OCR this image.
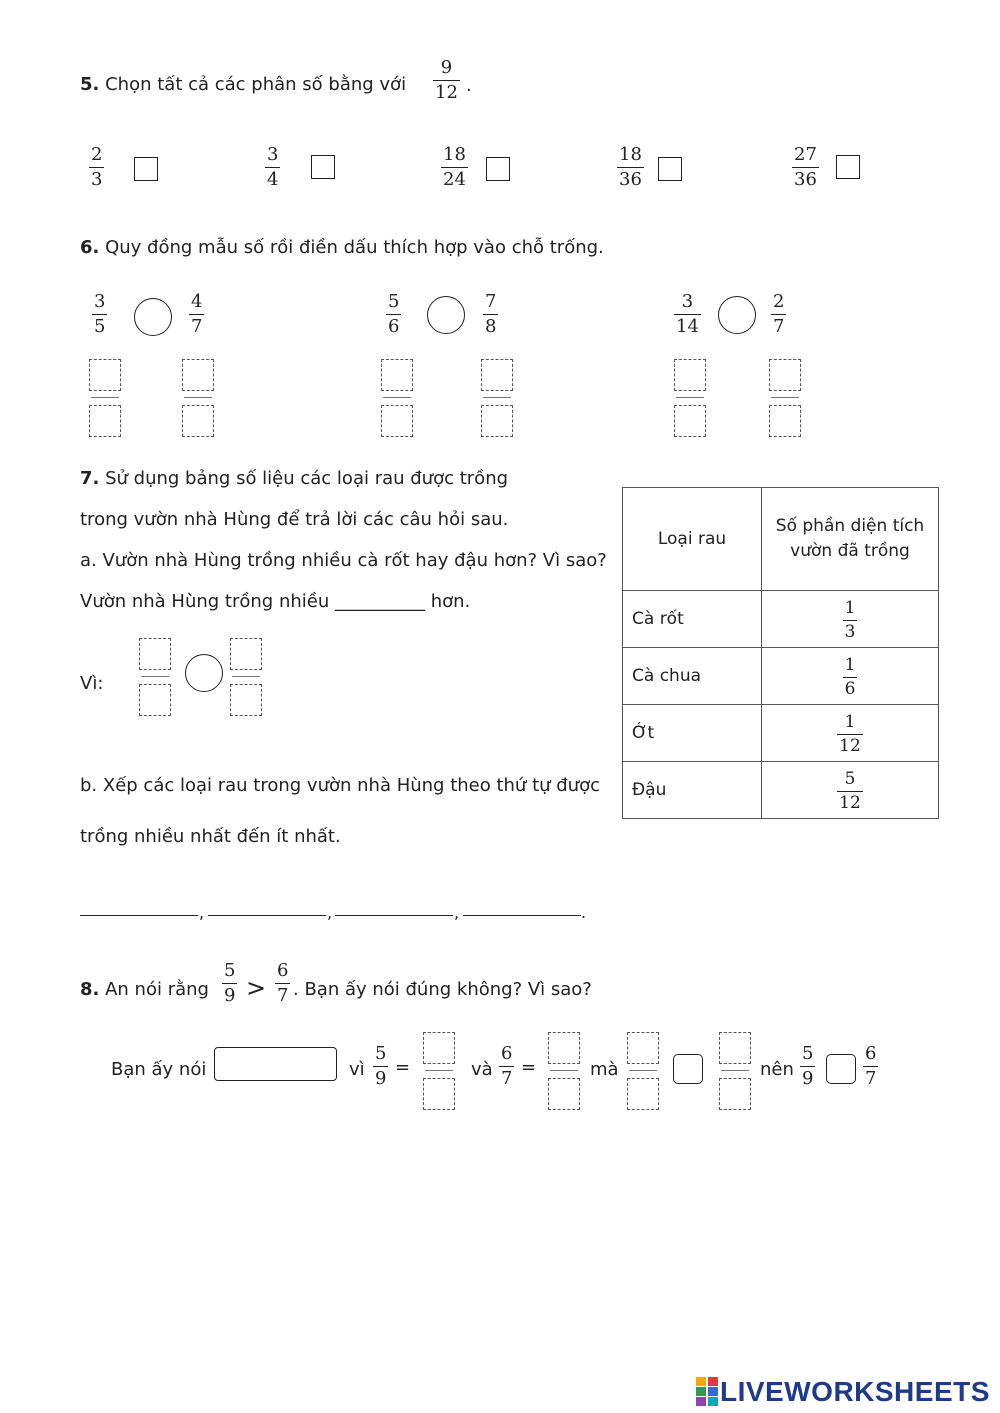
5. Chọn tất cả các phân số bằng với $\frac{9}{12}$ .
$\frac{2}{3}$	$\frac{3}{4}$	$\frac{18}{24}$	$\frac{18}{36}$	$\frac{27}{36}$
6. Quy đồng mẫu số rồi điền dấu thích hợp vào chỗ trống.
$\frac{3}{5}$	$\frac{4}{7}$	$\frac{5}{6}$	$\frac{7}{8}$	$\frac{3}{14}$	$\frac{2}{7}$
7. Sử dụng bảng số liệu các loại rau được trồng
trong vườn nhà Hùng để trả lời các câu hỏi sau.
a. Vườn nhà Hùng trồng nhiều cà rốt hay đậu hơn? Vì sao?
Vườn nhà Hùng trồng nhiều __________ hơn.
Vì:
b. Xếp các loại rau trong vườn nhà Hùng theo thứ tự được
trồng nhiều nhất đến ít nhất.
,	,	,	.
Loại rau	Số phần diện tích
vườn đã trồng

Cà rốt	$\frac{1}{3}$

Cà chua	$\frac{1}{6}$

Ớt	$\frac{1}{12}$

Đậu	$\frac{5}{12}$
8. An nói rằng $\frac{5}{9} > \frac{6}{7}$ . Bạn ấy nói đúng không? Vì sao?
Bạn ấy nói	vì $\frac{5}{9}$ =	và $\frac{6}{7}$ =	mà	nên $\frac{5}{9}$	$\frac{6}{7}$
LIVEWORKSHEETS
